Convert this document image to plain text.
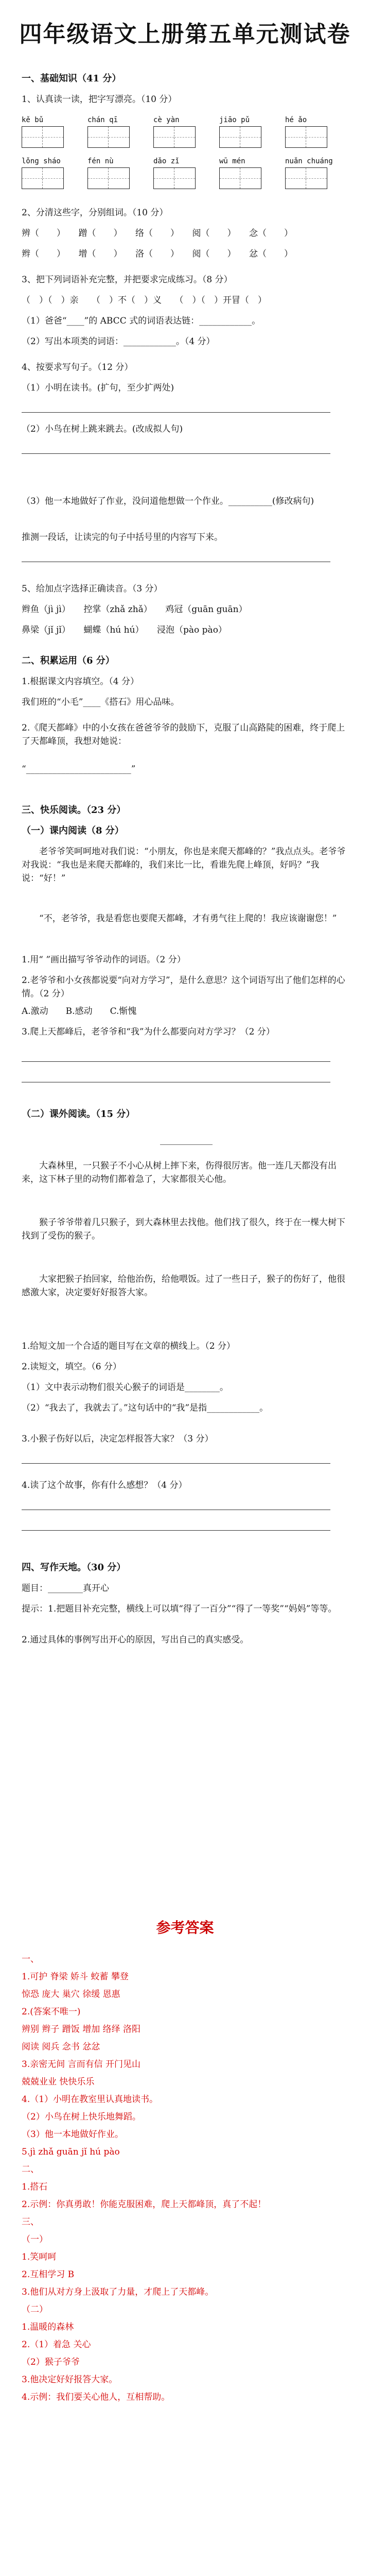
四年级语文上册第五单元测试卷
一、基础知识（41 分）
1、认真读一读，把字写漂亮。（10 分）
kě bǔ	chán qī	cè yàn	jiāo pǔ	hé ǎo
lǒng sháo	fén nù	dǎo zǐ	wū mén	nuǎn chuáng
2、分清这些字，分别组词。（10 分）
辨（　　）　　蹭（　　）　　络（　　）　　阅（　　）　　念（　　）
辫（　　）　　增（　　）　　洛（　　）　　阅（　　）　　忿（　　）
3、把下列词语补充完整，并把要求完成练习。（8 分）
（　）（　）亲　　（　）不（　）义　　（　）（　）开冒（　）
（1）爸爸“____”的 ABCC 式的词语表达链：____________。
（2）写出本项类的词语：____________。（4 分）
4、按要求写句子。（12 分）
（1）小明在读书。(扩句，至少扩两处)
（2）小鸟在树上跳来跳去。(改成拟人句)
（3）他一本地做好了作业，没问道他想做一个作业。__________(修改病句)
推测一段话，让读完的句子中括号里的内容写下来。
5、给加点字选择正确读音。（3 分）
辫鱼（jì jì）　　控掌（zhǎ zhǎ）　　鸡冠（guān guān）
鼻梁（jǐ jǐ）　　蝴蝶（hú hú）　　浸泡（pào pào）
二、积累运用（6 分）
1.根据课文内容填空。（4 分）
我们班的“小毛”____《搭石》用心品味。
2.《爬天都峰》中的小女孩在爸爸爷爷的鼓励下，克服了山高路陡的困难，终于爬上了天都峰顶，我想对她说：
“________________________”
三、快乐阅读。（23 分）
（一）课内阅读（8 分）
老爷爷笑呵呵地对我们说：“小朋友，你也是来爬天都峰的？”我点点头。老爷爷对我说：“我也是来爬天都峰的，我们来比一比，看谁先爬上峰顶，好吗？”我说：“好！”
“不，老爷爷，我是看您也要爬天都峰，才有勇气往上爬的！我应该谢谢您！”
1.用“ ”画出描写爷爷动作的词语。（2 分）
2.老爷爷和小女孩都说要“向对方学习”，是什么意思？这个词语写出了他们怎样的心情。（2 分）
A.激动　　B.感动　　C.惭愧
3.爬上天都峰后，老爷爷和“我”为什么都要向对方学习？（2 分）
（二）课外阅读。（15 分）
____________
大森林里，一只猴子不小心从树上摔下来，伤得很厉害。他一连几天都没有出来，这下林子里的动物们都着急了，大家都很关心他。
猴子爷爷带着几只猴子，到大森林里去找他。他们找了很久，终于在一棵大树下找到了受伤的猴子。
大家把猴子抬回家，给他治伤，给他喂饭。过了一些日子，猴子的伤好了，他很感激大家，决定要好好报答大家。
1.给短文加一个合适的题目写在文章的横线上。（2 分）
2.读短文，填空。（6 分）
（1）文中表示动物们很关心猴子的词语是________。
（2）“我去了，我就去了。”这句话中的“我”是指____________。
3.小猴子伤好以后，决定怎样报答大家？（3 分）
4.读了这个故事，你有什么感想？（4 分）
四、写作天地。（30 分）
题目：________真开心
提示：1.把题目补充完整，横线上可以填“得了一百分”“得了一等奖”“妈妈”等等。
2.通过具体的事例写出开心的原因，写出自己的真实感受。
参考答案
一、
1.可护 脊梁 娇斗 蛟蓄 攀登
惊恐 庞大 巢穴 徐缓 恩惠
2.(答案不唯一)
辨别 辫子 蹭饭 增加 络绎 洛阳
阅读 阅兵 念书 忿忿
3.亲密无间 言而有信 开门见山
兢兢业业 快快乐乐
4.（1）小明在教室里认真地读书。
（2）小鸟在树上快乐地舞蹈。
（3）他一本地做好作业。
5.jì zhǎ guān jǐ hú pào
二、
1.搭石
2.示例：你真勇敢！你能克服困难，爬上天都峰顶，真了不起！
三、
（一）
1.笑呵呵
2.互相学习 B
3.他们从对方身上汲取了力量，才爬上了天都峰。
（二）
1.温暖的森林
2.（1）着急 关心
（2）猴子爷爷
3.他决定好好报答大家。
4.示例：我们要关心他人，互相帮助。
